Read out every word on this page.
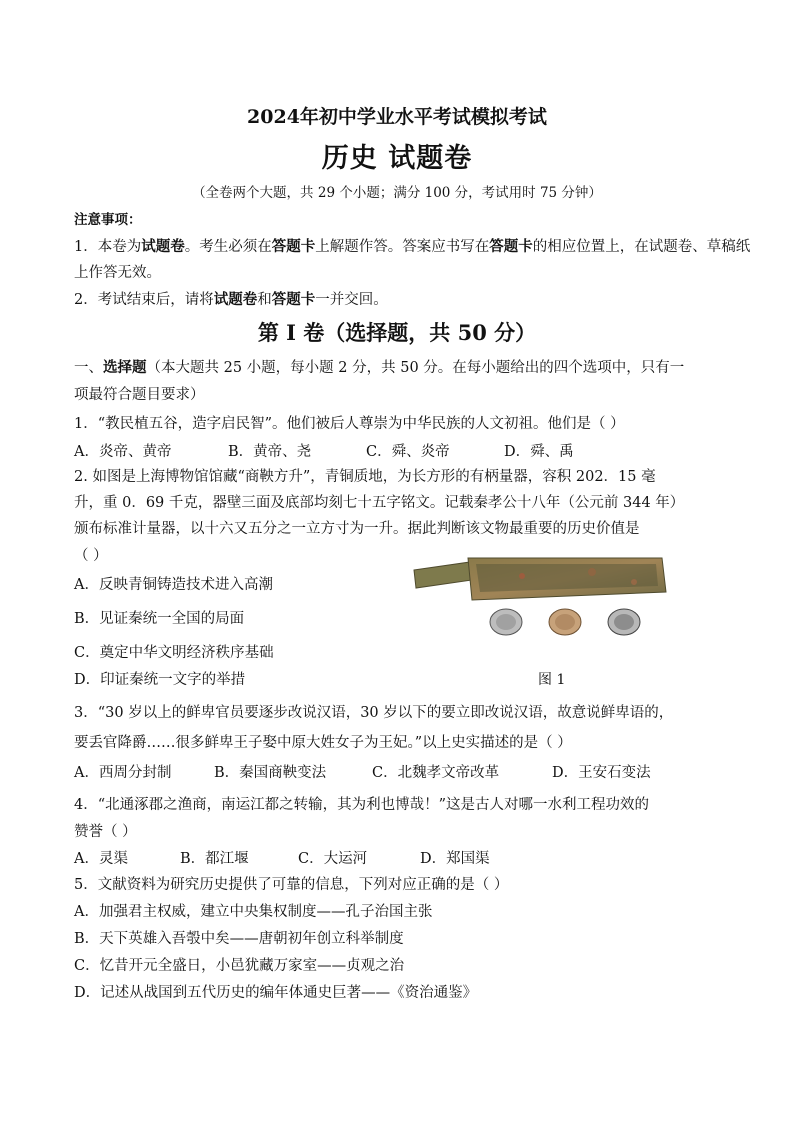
2024年初中学业水平考试模拟考试
历史 试题卷
（全卷两个大题，共 29 个小题；满分 100 分，考试用时 75 分钟）
注意事项：
1．本卷为试题卷。考生必须在答题卡上解题作答。答案应书写在答题卡的相应位置上，在试题卷、草稿纸
上作答无效。
2．考试结束后，请将试题卷和答题卡一并交回。
第 I 卷（选择题，共 50 分）
一、选择题（本大题共 25 小题，每小题 2 分，共 50 分。在每小题给出的四个选项中，只有一
项最符合题目要求）
1．“教民植五谷，造字启民智”。他们被后人尊崇为中华民族的人文初祖。他们是（ ）
A．炎帝、黄帝	B．黄帝、尧	C．舜、炎帝	D．舜、禹
2. 如图是上海博物馆馆藏“商鞅方升”，青铜质地，为长方形的有柄量器，容积 202．15 毫
升，重 0．69 千克，器壁三面及底部均刻七十五字铭文。记载秦孝公十八年（公元前 344 年）
颁布标准计量器，以十六又五分之一立方寸为一升。据此判断该文物最重要的历史价值是
（ ）
A．反映青铜铸造技术进入高潮
B．见证秦统一全国的局面
C．奠定中华文明经济秩序基础
D．印证秦统一文字的举措	图 1
3．“30 岁以上的鲜卑官员要逐步改说汉语，30 岁以下的要立即改说汉语，故意说鲜卑语的，
要丢官降爵……很多鲜卑王子娶中原大姓女子为王妃。”以上史实描述的是（ ）
A．西周分封制	B．秦国商鞅变法	C．北魏孝文帝改革	D．王安石变法
4．“北通涿郡之渔商，南运江都之转输，其为利也博哉！”这是古人对哪一水利工程功效的
赞誉（ ）
A．灵渠	B．都江堰	C．大运河	D．郑国渠
5．文献资料为研究历史提供了可靠的信息，下列对应正确的是（ ）
A．加强君主权威，建立中央集权制度——孔子治国主张
B．天下英雄入吾彀中矣——唐朝初年创立科举制度
C．忆昔开元全盛日，小邑犹藏万家室——贞观之治
D．记述从战国到五代历史的编年体通史巨著——《资治通鉴》
